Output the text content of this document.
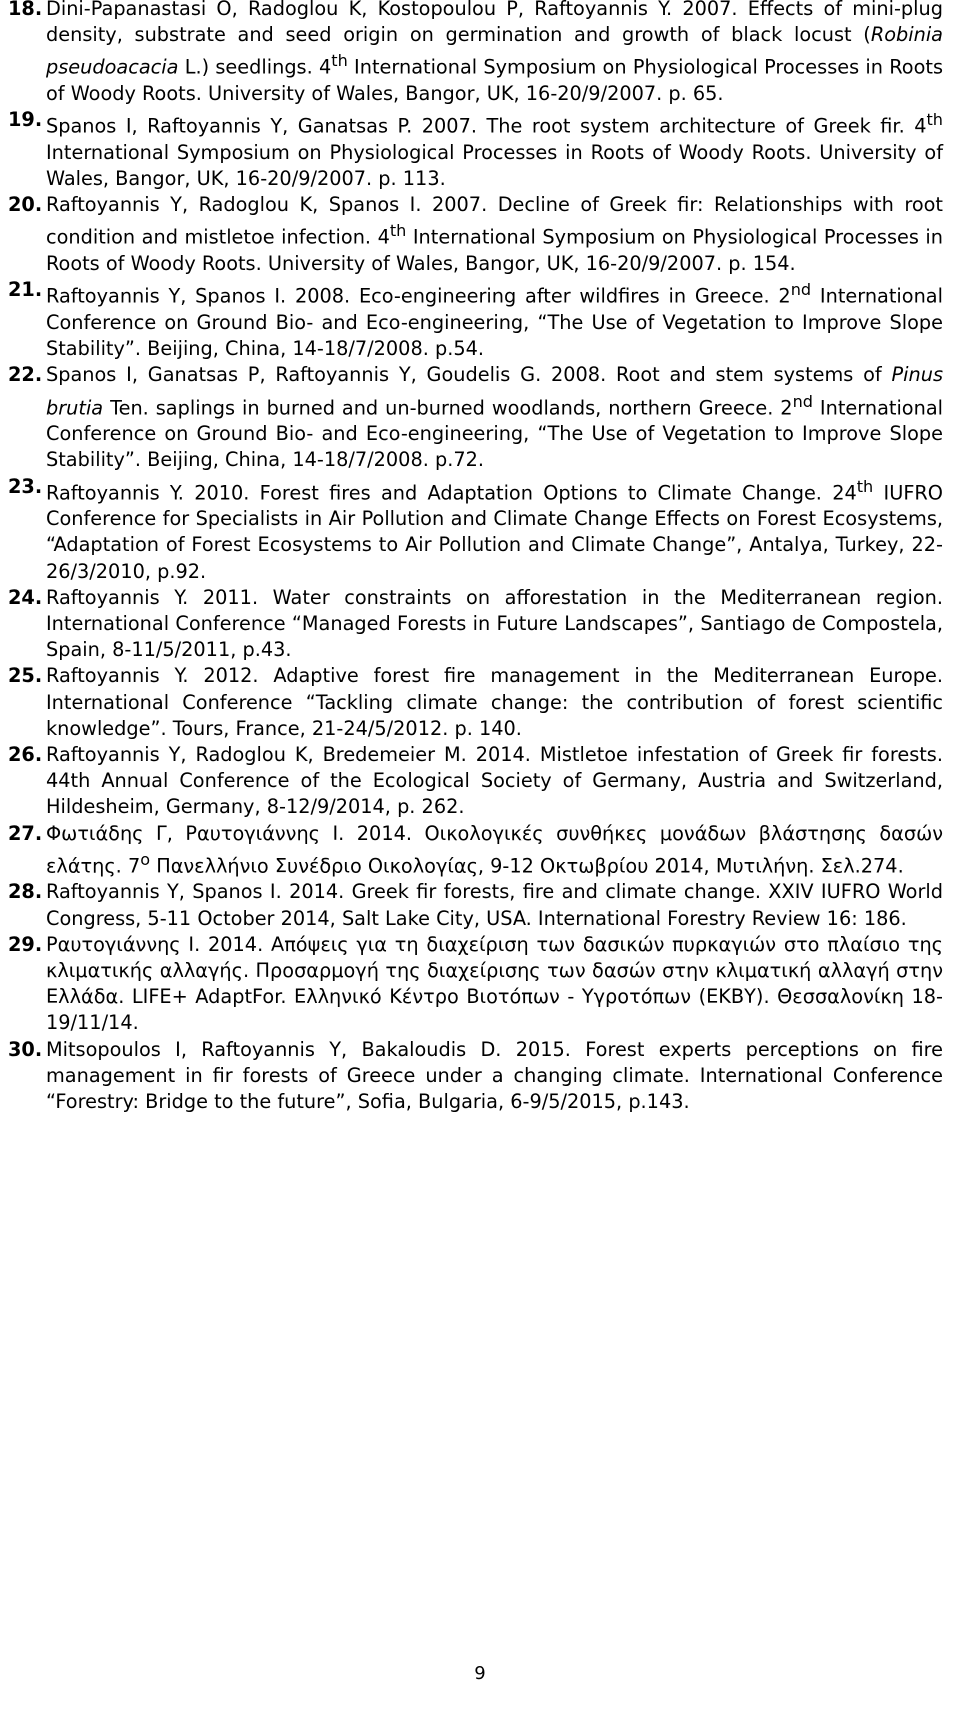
18. Dini-Papanastasi O, Radoglou K, Kostopoulou P, Raftoyannis Y. 2007. Effects of mini-plug density, substrate and seed origin on germination and growth of black locust (Robinia pseudoacacia L.) seedlings. 4th International Symposium on Physiological Processes in Roots of Woody Roots. University of Wales, Bangor, UK, 16-20/9/2007. p. 65.
19. Spanos I, Raftoyannis Y, Ganatsas P. 2007. The root system architecture of Greek fir. 4th International Symposium on Physiological Processes in Roots of Woody Roots. University of Wales, Bangor, UK, 16-20/9/2007. p. 113.
20. Raftoyannis Y, Radoglou K, Spanos I. 2007. Decline of Greek fir: Relationships with root condition and mistletoe infection. 4th International Symposium on Physiological Processes in Roots of Woody Roots. University of Wales, Bangor, UK, 16-20/9/2007. p. 154.
21. Raftoyannis Y, Spanos I. 2008. Eco-engineering after wildfires in Greece. 2nd International Conference on Ground Bio- and Eco-engineering, “The Use of Vegetation to Improve Slope Stability”. Beijing, China, 14-18/7/2008. p.54.
22. Spanos I, Ganatsas P, Raftoyannis Y, Goudelis G. 2008. Root and stem systems of Pinus brutia Ten. saplings in burned and un-burned woodlands, northern Greece. 2nd International Conference on Ground Bio- and Eco-engineering, “The Use of Vegetation to Improve Slope Stability”. Beijing, China, 14-18/7/2008. p.72.
23. Raftoyannis Y. 2010. Forest fires and Adaptation Options to Climate Change. 24th IUFRO Conference for Specialists in Air Pollution and Climate Change Effects on Forest Ecosystems, “Adaptation of Forest Ecosystems to Air Pollution and Climate Change”, Antalya, Turkey, 22-26/3/2010, p.92.
24. Raftoyannis Y. 2011. Water constraints on afforestation in the Mediterranean region. International Conference “Managed Forests in Future Landscapes”, Santiago de Compostela, Spain, 8-11/5/2011, p.43.
25. Raftoyannis Y. 2012. Adaptive forest fire management in the Mediterranean Europe. International Conference “Tackling climate change: the contribution of forest scientific knowledge”. Tours, France, 21-24/5/2012. p. 140.
26. Raftoyannis Y, Radoglou K, Bredemeier M. 2014. Mistletoe infestation of Greek fir forests. 44th Annual Conference of the Ecological Society of Germany, Austria and Switzerland, Hildesheim, Germany, 8-12/9/2014, p. 262.
27. Φωτιάδης Γ, Ραυτογιάννης Ι. 2014. Οικολογικές συνθήκες μονάδων βλάστησης δασών ελάτης. $7^o$ Πανελλήνιο Συνέδριο Οικολογίας, 9-12 Οκτωβρίου 2014, Μυτιλήνη. Σελ.274.
28. Raftoyannis Y, Spanos I. 2014. Greek fir forests, fire and climate change. XXIV IUFRO World Congress, 5-11 October 2014, Salt Lake City, USA. International Forestry Review 16: 186.
29. Ραυτογιάννης Ι. 2014. Απόψεις για τη διαχείριση των δασικών πυρκαγιών στο πλαίσιο της κλιματικής αλλαγής. Προσαρμογή της διαχείρισης των δασών στην κλιματική αλλαγή στην Ελλάδα. LIFE+ AdaptFor. Ελληνικό Κέντρο Βιοτόπων - Υγροτόπων (ΕΚΒΥ). Θεσσαλονίκη 18-19/11/14.
30. Mitsopoulos I, Raftoyannis Y, Bakaloudis D. 2015. Forest experts perceptions on fire management in fir forests of Greece under a changing climate. International Conference “Forestry: Bridge to the future”, Sofia, Bulgaria, 6-9/5/2015, p.143.
9
